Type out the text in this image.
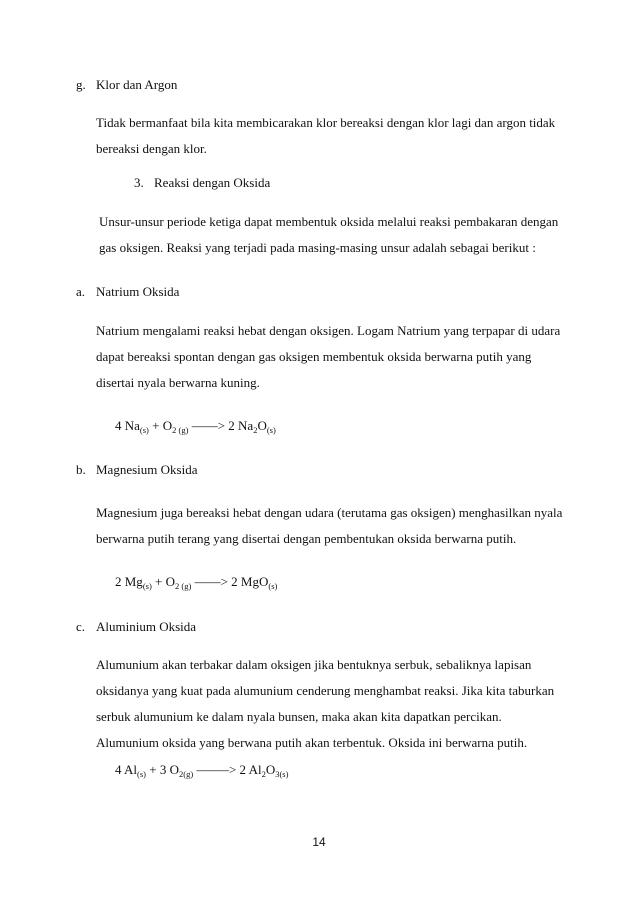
g. Klor dan Argon
Tidak bermanfaat bila kita membicarakan klor bereaksi dengan klor lagi dan argon tidak
bereaksi dengan klor.
3. Reaksi dengan Oksida
Unsur-unsur periode ketiga dapat membentuk oksida melalui reaksi pembakaran dengan
gas oksigen. Reaksi yang terjadi pada masing-masing unsur adalah sebagai berikut :
a. Natrium Oksida
Natrium mengalami reaksi hebat dengan oksigen. Logam Natrium yang terpapar di udara
dapat bereaksi spontan dengan gas oksigen membentuk oksida berwarna putih yang
disertai nyala berwarna kuning.
4 $Na_{(s)} + O_{2 (g)}$ ——> 2 $Na_2O_{(s)}$
b. Magnesium Oksida
Magnesium juga bereaksi hebat dengan udara (terutama gas oksigen) menghasilkan nyala
berwarna putih terang yang disertai dengan pembentukan oksida berwarna putih.
2 $Mg_{(s)} + O_{2 (g)}$ ——> 2 MgO$_{(s)}$
c. Aluminium Oksida
Alumunium akan terbakar dalam oksigen jika bentuknya serbuk, sebaliknya lapisan
oksidanya yang kuat pada alumunium cenderung menghambat reaksi. Jika kita taburkan
serbuk alumunium ke dalam nyala bunsen, maka akan kita dapatkan percikan.
Alumunium oksida yang berwana putih akan terbentuk. Oksida ini berwarna putih.
4 $Al_{(s)} + 3$ $O_{2(g)}$ —–—> 2 $Al_2O_{3(s)}$
14
